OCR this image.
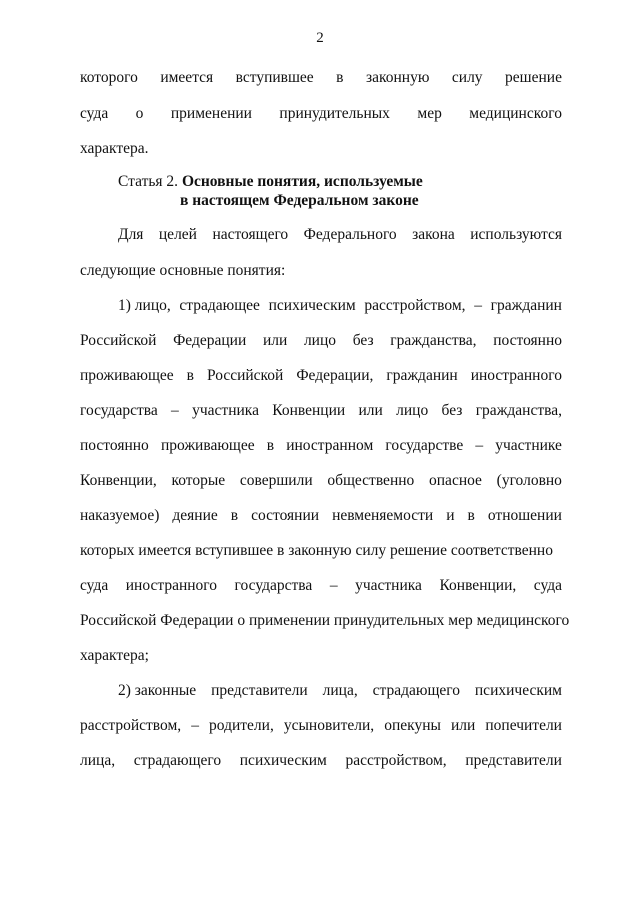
2
которого имеется вступившее в законную силу решение
суда о применении принудительных мер медицинского
характера.
Статья 2. Основные понятия, используемые
в настоящем Федеральном законе
Для целей настоящего Федерального закона используются
следующие основные понятия:
1) лицо, страдающее психическим расстройством, – гражданин
Российской Федерации или лицо без гражданства, постоянно
проживающее в Российской Федерации, гражданин иностранного
государства – участника Конвенции или лицо без гражданства,
постоянно проживающее в иностранном государстве – участнике
Конвенции, которые совершили общественно опасное (уголовно
наказуемое) деяние в состоянии невменяемости и в отношении
которых имеется вступившее в законную силу решение соответственно
суда иностранного государства – участника Конвенции, суда
Российской Федерации о применении принудительных мер медицинского
характера;
2) законные представители лица, страдающего психическим
расстройством, – родители, усыновители, опекуны или попечители
лица, страдающего психическим расстройством, представители
